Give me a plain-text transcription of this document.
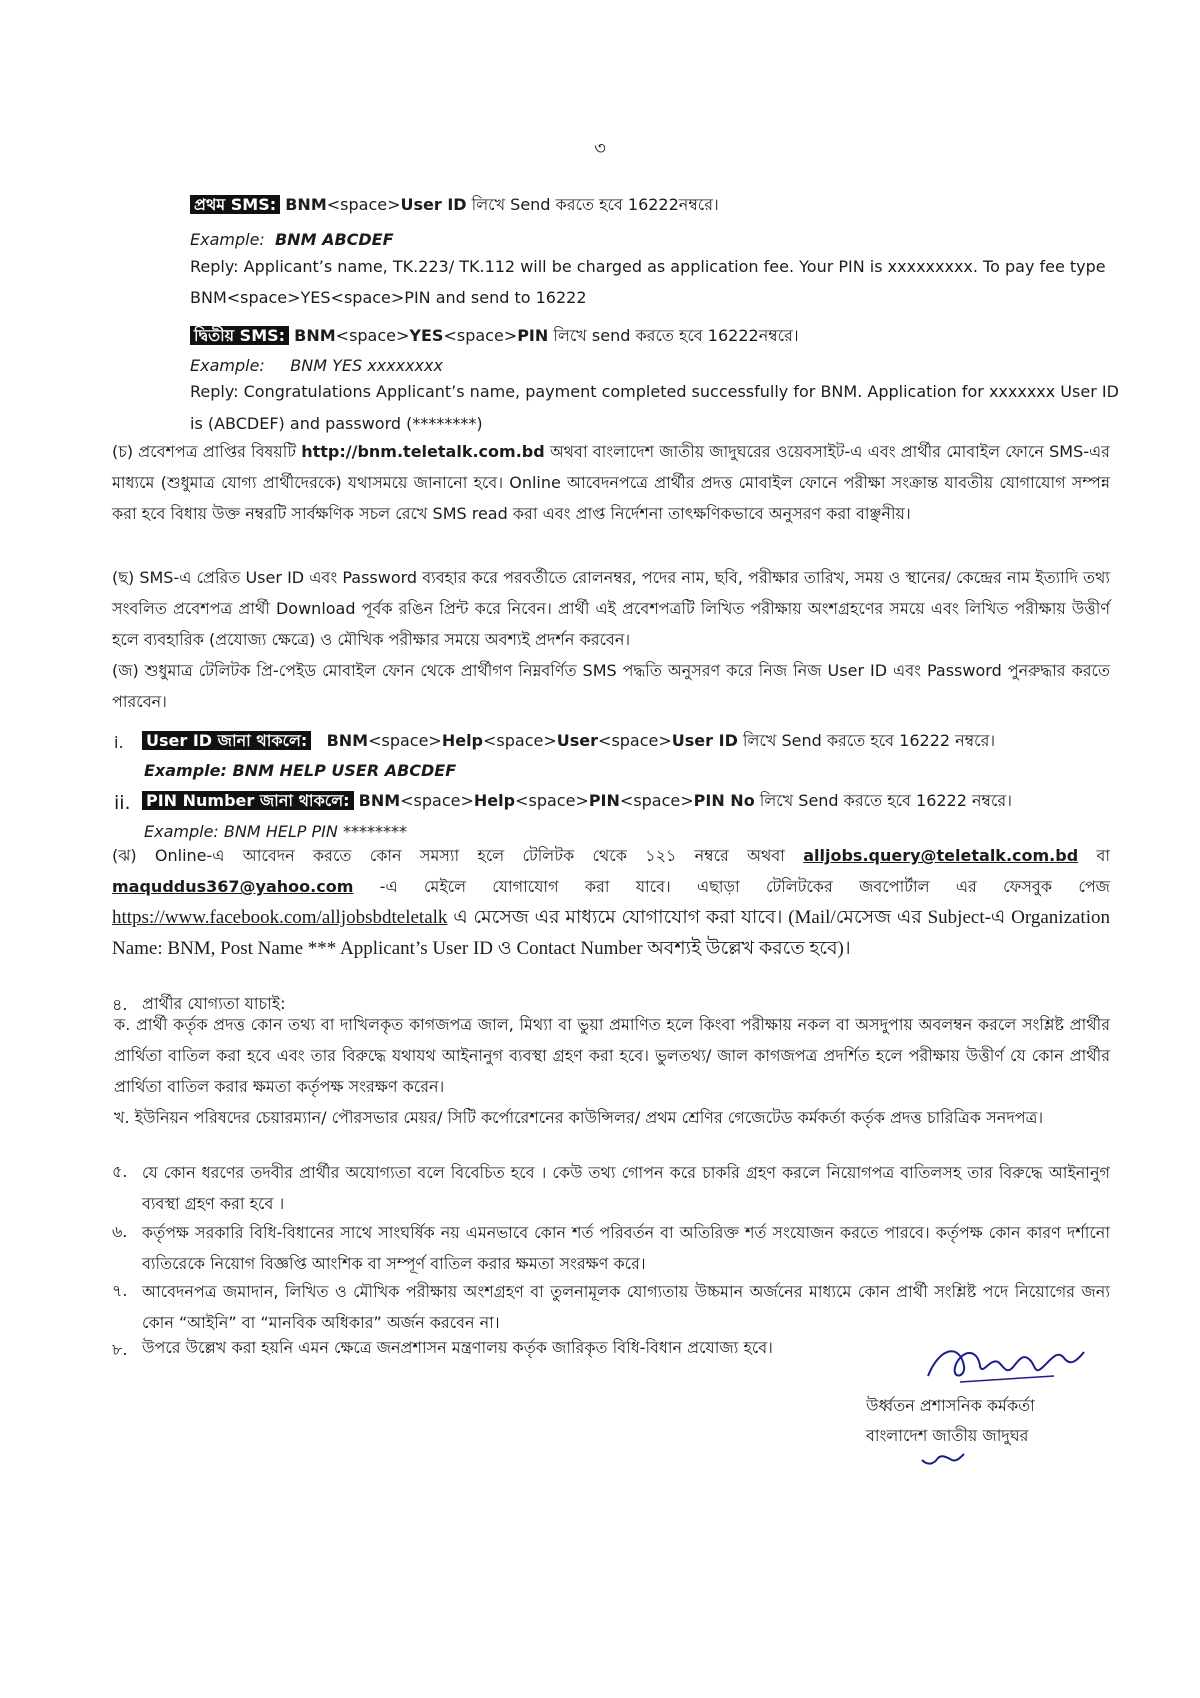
৩
প্রথম SMS: BNM<space>User ID লিখে Send করতে হবে 16222নম্বরে।
Example: BNM ABCDEF
Reply: Applicant’s name, TK.223/ TK.112 will be charged as application fee. Your PIN is xxxxxxxxx. To pay fee type
BNM<space>YES<space>PIN and send to 16222
দ্বিতীয় SMS: BNM<space>YES<space>PIN লিখে send করতে হবে 16222নম্বরে।
Example: BNM YES xxxxxxxx
Reply: Congratulations Applicant’s name, payment completed successfully for BNM. Application for xxxxxxx User ID
is (ABCDEF) and password (********)
(চ) প্রবেশপত্র প্রাপ্তির বিষয়টি http://bnm.teletalk.com.bd অথবা বাংলাদেশ জাতীয় জাদুঘরের ওয়েবসাইট-এ এবং প্রার্থীর মোবাইল ফোনে SMS-এর মাধ্যমে (শুধুমাত্র যোগ্য প্রার্থীদেরকে) যথাসময়ে জানানো হবে। Online আবেদনপত্রে প্রার্থীর প্রদত্ত মোবাইল ফোনে পরীক্ষা সংক্রান্ত যাবতীয় যোগাযোগ সম্পন্ন করা হবে বিধায় উক্ত নম্বরটি সার্বক্ষণিক সচল রেখে SMS read করা এবং প্রাপ্ত নির্দেশনা তাৎক্ষণিকভাবে অনুসরণ করা বাঞ্ছনীয়।
(ছ) SMS-এ প্রেরিত User ID এবং Password ব্যবহার করে পরবর্তীতে রোলনম্বর, পদের নাম, ছবি, পরীক্ষার তারিখ, সময় ও স্থানের/ কেন্দ্রের নাম ইত্যাদি তথ্য সংবলিত প্রবেশপত্র প্রার্থী Download পূর্বক রঙিন প্রিন্ট করে নিবেন। প্রার্থী এই প্রবেশপত্রটি লিখিত পরীক্ষায় অংশগ্রহণের সময়ে এবং লিখিত পরীক্ষায় উত্তীর্ণ হলে ব্যবহারিক (প্রযোজ্য ক্ষেত্রে) ও মৌখিক পরীক্ষার সময়ে অবশ্যই প্রদর্শন করবেন।
(জ) শুধুমাত্র টেলিটক প্রি-পেইড মোবাইল ফোন থেকে প্রার্থীগণ নিম্নবর্ণিত SMS পদ্ধতি অনুসরণ করে নিজ নিজ User ID এবং Password পুনরুদ্ধার করতে পারবেন।
i. User ID জানা থাকলে: BNM<space>Help<space>User<space>User ID লিখে Send করতে হবে 16222 নম্বরে।
Example: BNM HELP USER ABCDEF
ii. PIN Number জানা থাকলে: BNM<space>Help<space>PIN<space>PIN No লিখে Send করতে হবে 16222 নম্বরে।
Example: BNM HELP PIN ********
(ঝ) Online-এ আবেদন করতে কোন সমস্যা হলে টেলিটক থেকে ১২১ নম্বরে অথবা alljobs.query@teletalk.com.bd বা maquddus367@yahoo.com -এ মেইলে যোগাযোগ করা যাবে। এছাড়া টেলিটকের জবপোর্টাল এর ফেসবুক পেজ https://www.facebook.com/alljobsbdteletalk এ মেসেজ এর মাধ্যমে যোগাযোগ করা যাবে। (Mail/মেসেজ এর Subject-এ Organization Name: BNM, Post Name *** Applicant’s User ID ও Contact Number অবশ্যই উল্লেখ করতে হবে)।
৪. প্রার্থীর যোগ্যতা যাচাই:
ক. প্রার্থী কর্তৃক প্রদত্ত কোন তথ্য বা দাখিলকৃত কাগজপত্র জাল, মিথ্যা বা ভুয়া প্রমাণিত হলে কিংবা পরীক্ষায় নকল বা অসদুপায় অবলম্বন করলে সংশ্লিষ্ট প্রার্থীর প্রার্থিতা বাতিল করা হবে এবং তার বিরুদ্ধে যথাযথ আইনানুগ ব্যবস্থা গ্রহণ করা হবে। ভুলতথ্য/ জাল কাগজপত্র প্রদর্শিত হলে পরীক্ষায় উত্তীর্ণ যে কোন প্রার্থীর প্রার্থিতা বাতিল করার ক্ষমতা কর্তৃপক্ষ সংরক্ষণ করেন।
খ. ইউনিয়ন পরিষদের চেয়ারম্যান/ পৌরসভার মেয়র/ সিটি কর্পোরেশনের কাউন্সিলর/ প্রথম শ্রেণির গেজেটেড কর্মকর্তা কর্তৃক প্রদত্ত চারিত্রিক সনদপত্র।
৫. যে কোন ধরণের তদবীর প্রার্থীর অযোগ্যতা বলে বিবেচিত হবে । কেউ তথ্য গোপন করে চাকরি গ্রহণ করলে নিয়োগপত্র বাতিলসহ তার বিরুদ্ধে আইনানুগ ব্যবস্থা গ্রহণ করা হবে ।
৬. কর্তৃপক্ষ সরকারি বিধি-বিধানের সাথে সাংঘর্ষিক নয় এমনভাবে কোন শর্ত পরিবর্তন বা অতিরিক্ত শর্ত সংযোজন করতে পারবে। কর্তৃপক্ষ কোন কারণ দর্শানো ব্যতিরেকে নিয়োগ বিজ্ঞপ্তি আংশিক বা সম্পূর্ণ বাতিল করার ক্ষমতা সংরক্ষণ করে।
৭. আবেদনপত্র জমাদান, লিখিত ও মৌখিক পরীক্ষায় অংশগ্রহণ বা তুলনামূলক যোগ্যতায় উচ্চমান অর্জনের মাধ্যমে কোন প্রার্থী সংশ্লিষ্ট পদে নিয়োগের জন্য কোন “আইনি” বা “মানবিক অধিকার” অর্জন করবেন না।
৮. উপরে উল্লেখ করা হয়নি এমন ক্ষেত্রে জনপ্রশাসন মন্ত্রণালয় কর্তৃক জারিকৃত বিধি-বিধান প্রযোজ্য হবে।
উর্ধ্বতন প্রশাসনিক কর্মকর্তা
বাংলাদেশ জাতীয় জাদুঘর
